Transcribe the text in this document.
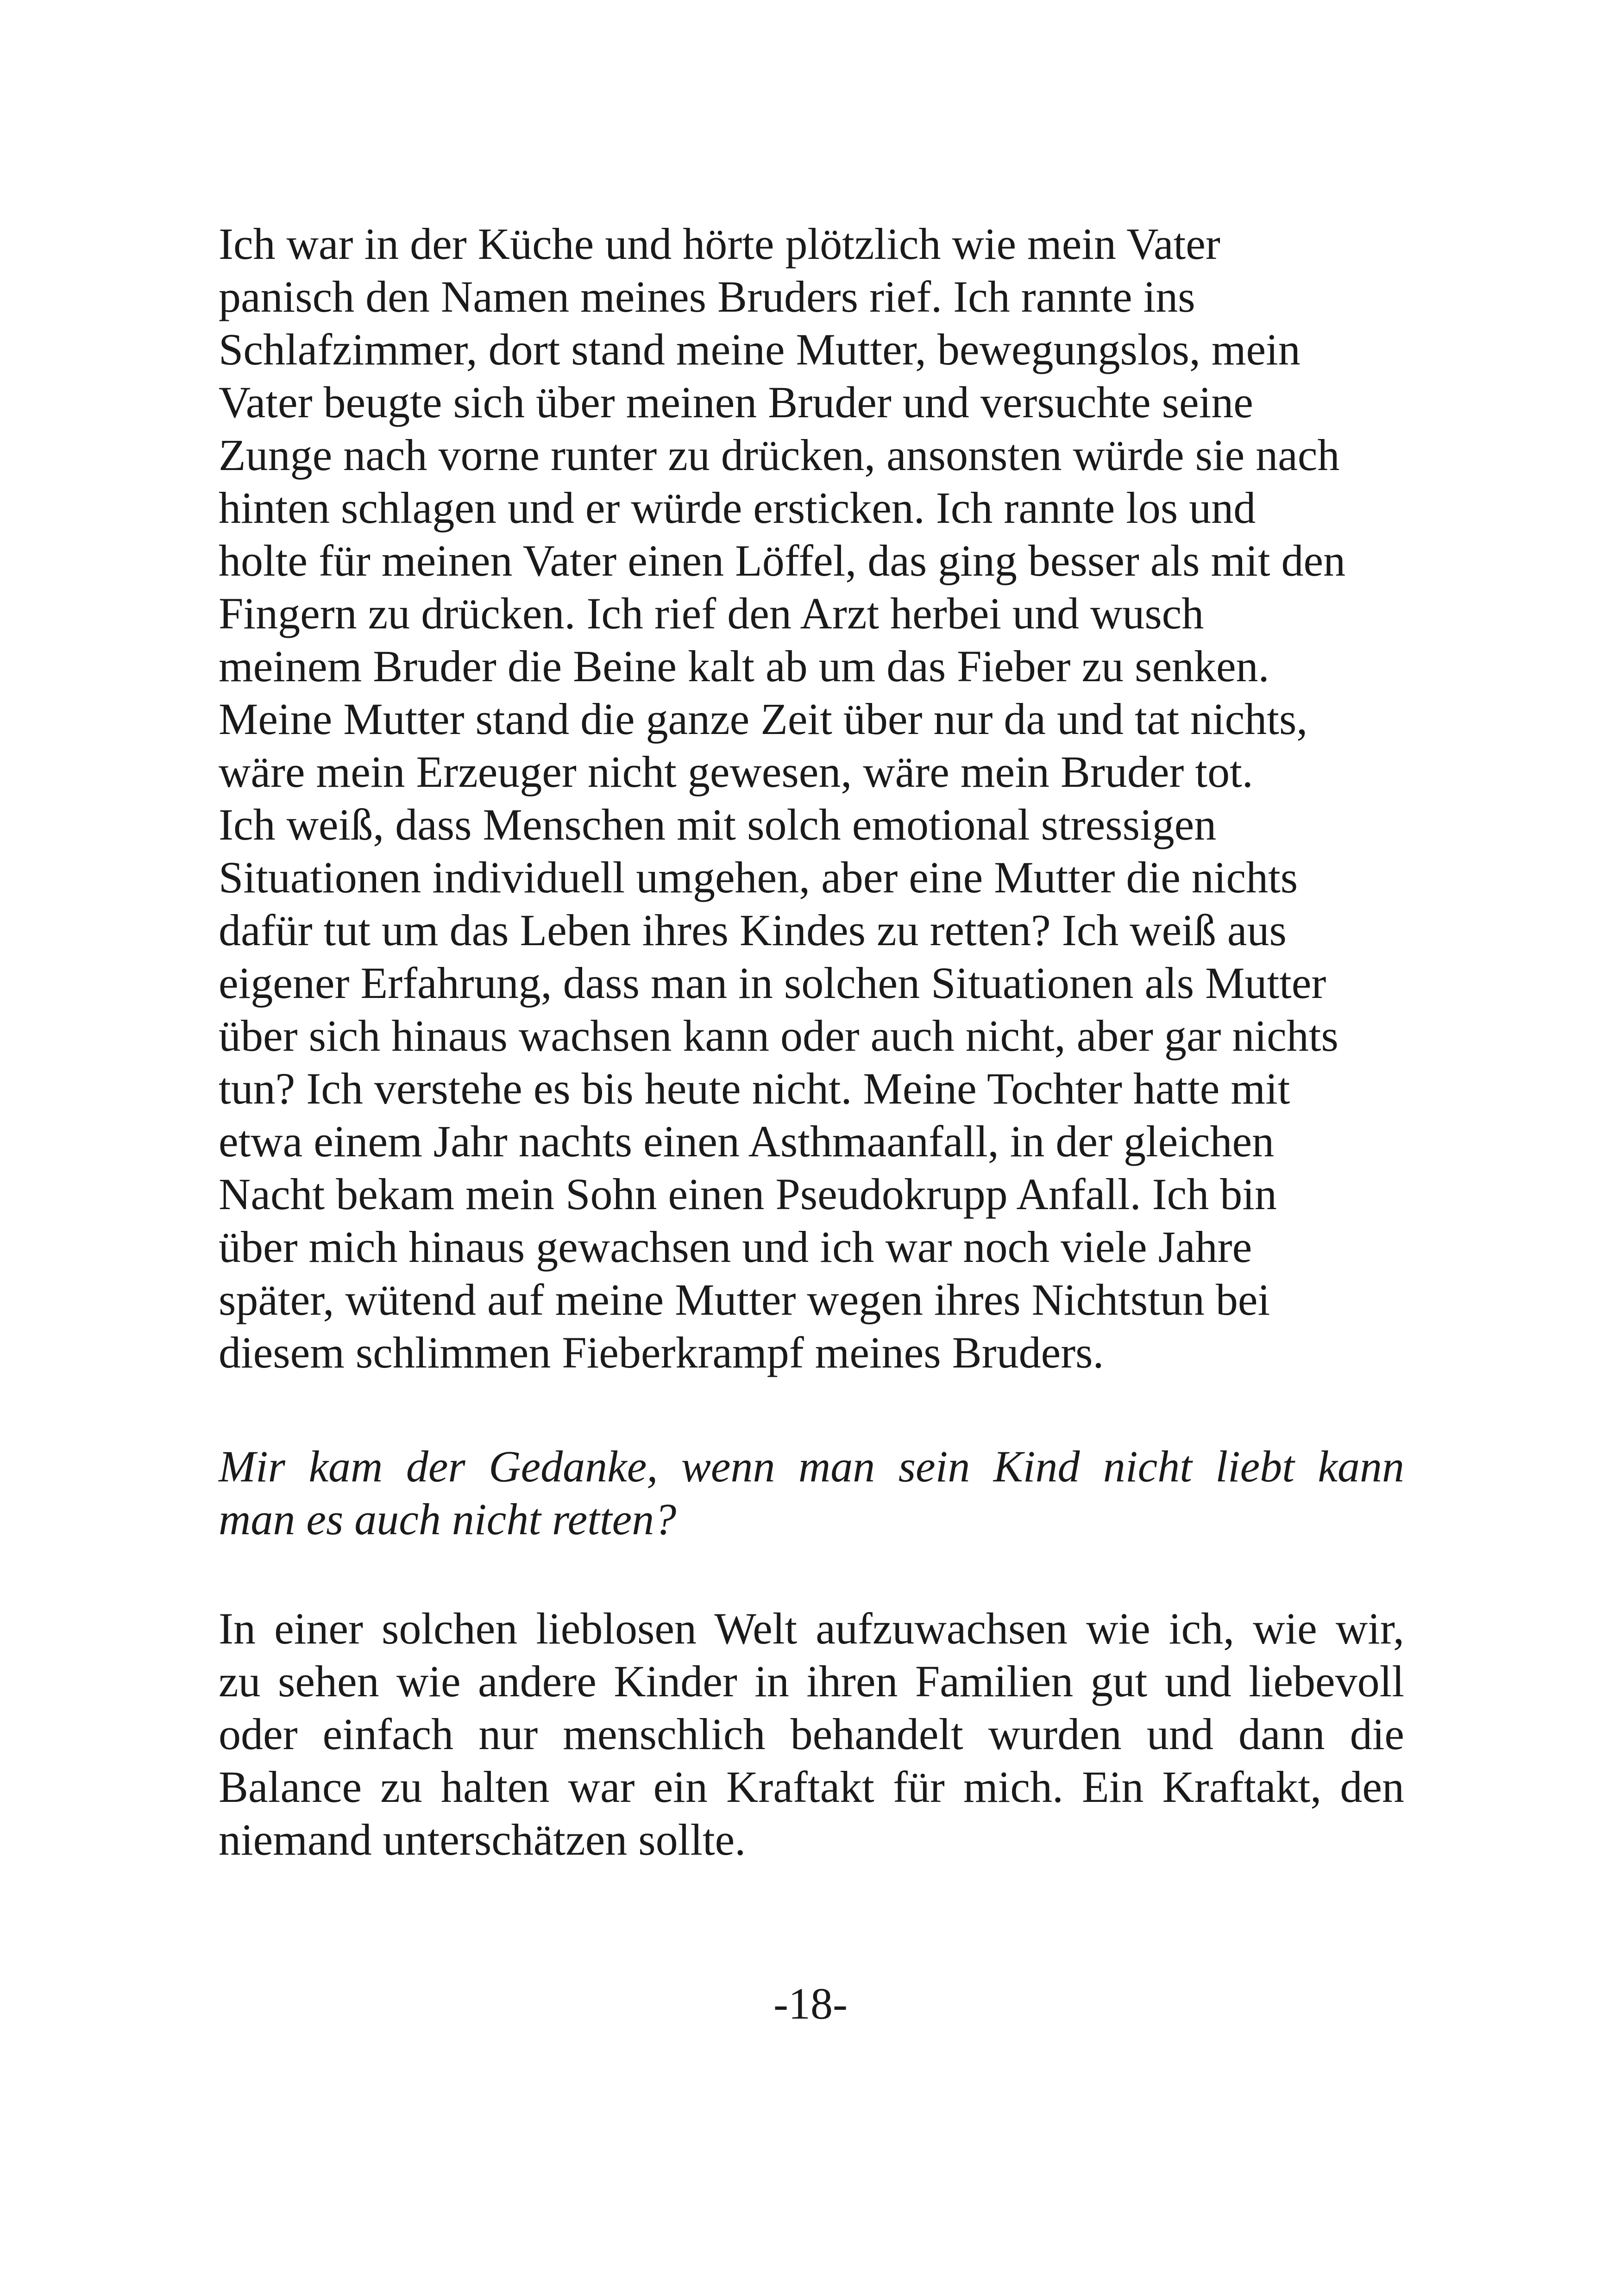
Ich war in der Küche und hörte plötzlich wie mein Vater
panisch den Namen meines Bruders rief. Ich rannte ins
Schlafzimmer, dort stand meine Mutter, bewegungslos, mein
Vater beugte sich über meinen Bruder und versuchte seine
Zunge nach vorne runter zu drücken, ansonsten würde sie nach
hinten schlagen und er würde ersticken. Ich rannte los und
holte für meinen Vater einen Löffel, das ging besser als mit den
Fingern zu drücken. Ich rief den Arzt herbei und wusch
meinem Bruder die Beine kalt ab um das Fieber zu senken.
Meine Mutter stand die ganze Zeit über nur da und tat nichts,
wäre mein Erzeuger nicht gewesen, wäre mein Bruder tot.
Ich weiß, dass Menschen mit solch emotional stressigen
Situationen individuell umgehen, aber eine Mutter die nichts
dafür tut um das Leben ihres Kindes zu retten? Ich weiß aus
eigener Erfahrung, dass man in solchen Situationen als Mutter
über sich hinaus wachsen kann oder auch nicht, aber gar nichts
tun? Ich verstehe es bis heute nicht. Meine Tochter hatte mit
etwa einem Jahr nachts einen Asthmaanfall, in der gleichen
Nacht bekam mein Sohn einen Pseudokrupp Anfall. Ich bin
über mich hinaus gewachsen und ich war noch viele Jahre
später, wütend auf meine Mutter wegen ihres Nichtstun bei
diesem schlimmen Fieberkrampf meines Bruders.
Mir kam der Gedanke, wenn man sein Kind nicht liebt kann
man es auch nicht retten?
In einer solchen lieblosen Welt aufzuwachsen wie ich, wie wir,
zu sehen wie andere Kinder in ihren Familien gut und liebevoll
oder einfach nur menschlich behandelt wurden und dann die
Balance zu halten war ein Kraftakt für mich. Ein Kraftakt, den
niemand unterschätzen sollte.
-18-
